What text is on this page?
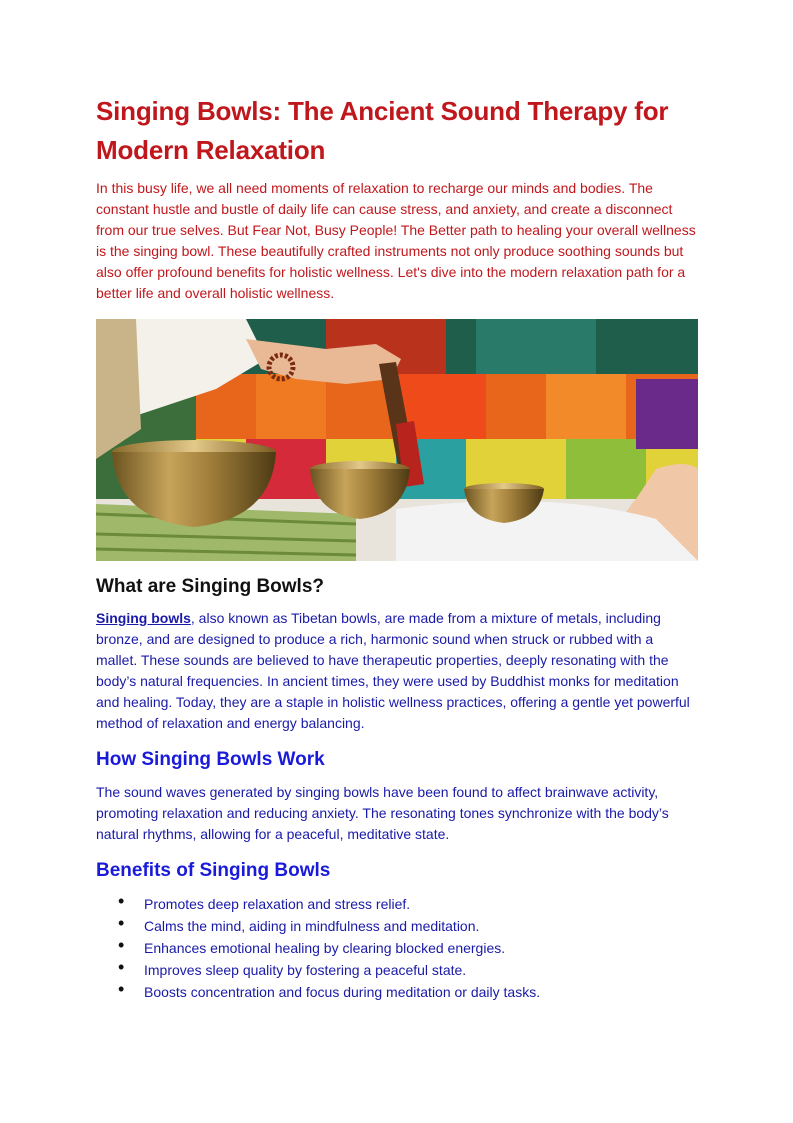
Singing Bowls: The Ancient Sound Therapy for Modern Relaxation

In this busy life, we all need moments of relaxation to recharge our minds and bodies. The constant hustle and bustle of daily life can cause stress, and anxiety, and create a disconnect from our true selves. But Fear Not, Busy People! The Better path to healing your overall wellness is the singing bowl. These beautifully crafted instruments not only produce soothing sounds but also offer profound benefits for holistic wellness. Let's dive into the modern relaxation path for a better life and overall holistic wellness.

What are Singing Bowls?

Singing bowls, also known as Tibetan bowls, are made from a mixture of metals, including bronze, and are designed to produce a rich, harmonic sound when struck or rubbed with a mallet. These sounds are believed to have therapeutic properties, deeply resonating with the body’s natural frequencies. In ancient times, they were used by Buddhist monks for meditation and healing. Today, they are a staple in holistic wellness practices, offering a gentle yet powerful method of relaxation and energy balancing.

How Singing Bowls Work

The sound waves generated by singing bowls have been found to affect brainwave activity, promoting relaxation and reducing anxiety. The resonating tones synchronize with the body’s natural rhythms, allowing for a peaceful, meditative state.

Benefits of Singing Bowls
• Promotes deep relaxation and stress relief.
• Calms the mind, aiding in mindfulness and meditation.
• Enhances emotional healing by clearing blocked energies.
• Improves sleep quality by fostering a peaceful state.
• Boosts concentration and focus during meditation or daily tasks.
